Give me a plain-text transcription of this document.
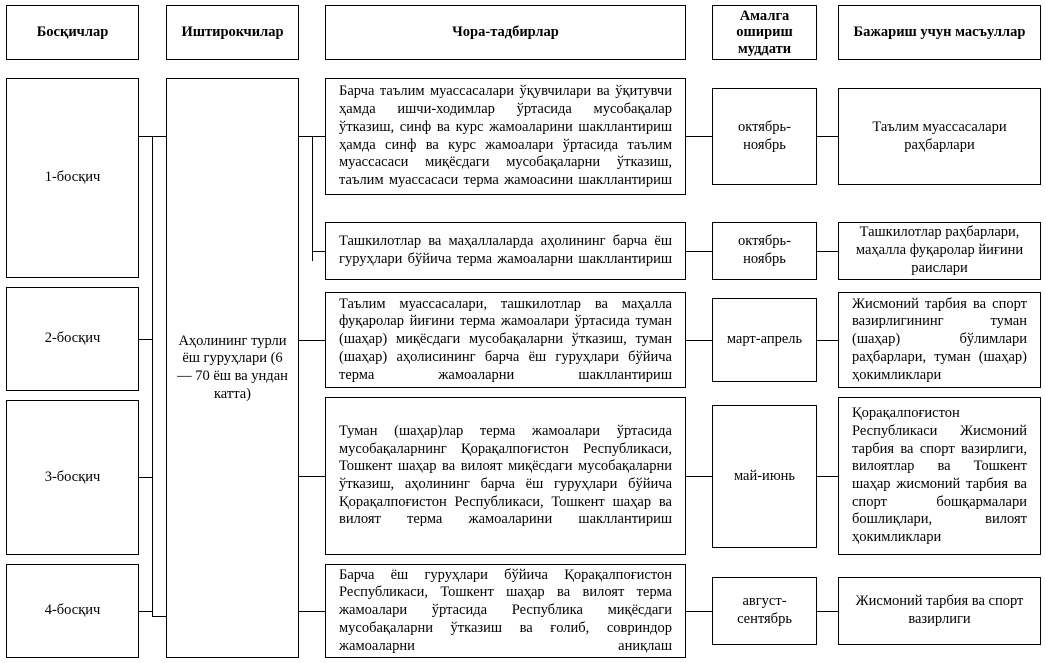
Босқичлар	Иштирокчилар	Чора-тадбирлар
Амалга ошириш муддати
Бажариш учун масъуллар
1-босқич
2-босқич
3-босқич
4-босқич
Аҳолининг турли ёш гуруҳлари (6 — 70 ёш ва ундан катта)
Барча таълим муассасалари ўқувчилари ва ўқитувчи ҳамда ишчи-ходимлар ўртасида мусобақалар ўтказиш, синф ва курс жамоаларини шакллантириш ҳамда синф ва курс жамоалари ўртасида таълим муассасаси миқёсдаги мусобақаларни ўтказиш, таълим муассасаси терма жамоасини шакллантириш
Ташкилотлар ва маҳаллаларда аҳолининг барча ёш гуруҳлари бўйича терма жамоаларни шакллантириш
Таълим муассасалари, ташкилотлар ва маҳалла фуқаролар йиғини терма жамоалари ўртасида туман (шаҳар) миқёсдаги мусобақаларни ўтказиш, туман (шаҳар) аҳолисининг барча ёш гуруҳлари бўйича терма жамоаларни шакллантириш
Туман (шаҳар)лар терма жамоалари ўртасида мусобақаларнинг Қорақалпоғистон Республикаси, Тошкент шаҳар ва вилоят миқёсдаги мусобақаларни ўтказиш, аҳолининг барча ёш гуруҳлари бўйича Қорақалпоғистон Республикаси, Тошкент шаҳар ва вилоят терма жамоаларини шакллантириш
Барча ёш гуруҳлари бўйича Қорақалпоғистон Республикаси, Тошкент шаҳар ва вилоят терма жамоалари ўртасида Республика миқёсдаги мусобақаларни ўтказиш ва ғолиб, совриндор жамоаларни аниқлаш
октябрь-ноябрь
октябрь-ноябрь
март-апрель
май-июнь
август-сентябрь
Таълим муассасалари раҳбарлари
Ташкилотлар раҳбарлари, маҳалла фуқаролар йиғини раислари
Жисмоний тарбия ва спорт вазирлигининг туман (шаҳар) бўлимлари раҳбарлари, туман (шаҳар) ҳокимликлари
Қорақалпоғистон Республикаси Жисмоний тарбия ва спорт вазирлиги, вилоятлар ва Тошкент шаҳар жисмоний тарбия ва спорт бошқармалари бошлиқлари, вилоят ҳокимликлари
Жисмоний тарбия ва спорт вазирлиги
